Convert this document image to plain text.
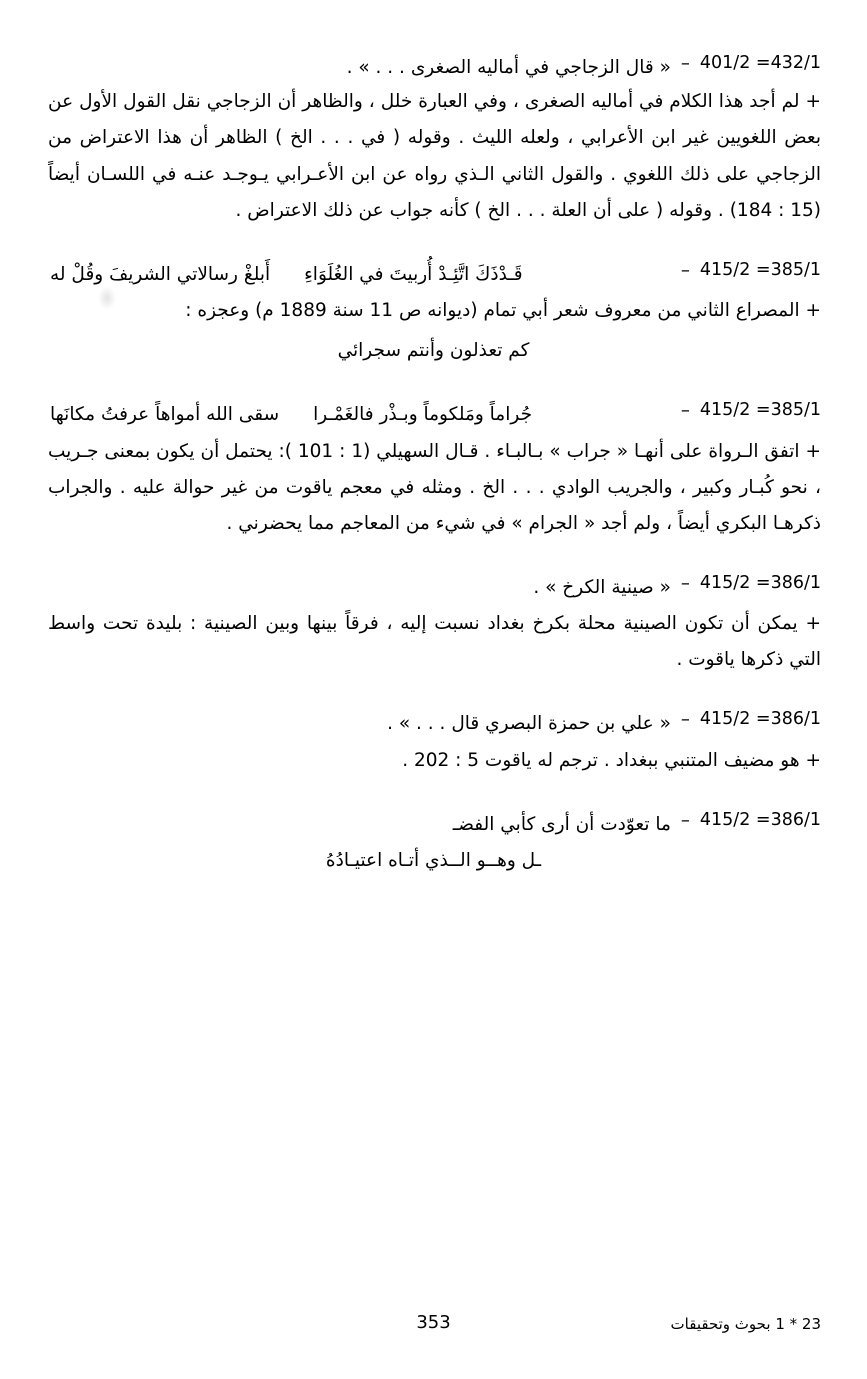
401/2 =432/1
–
« قال الزجاجي في أماليه الصغرى . . . » .
+ لم أجد هذا الكلام في أماليه الصغرى ، وفي العبارة خلل ، والظاهر أن الزجاجي نقل القول الأول عن بعض اللغويين غير ابن الأعرابي ، ولعله الليث . وقوله ( في . . . الخ ) الظاهر أن هذا الاعتراض من الزجاجي على ذلك اللغوي . والقول الثاني الـذي رواه عن ابن الأعـرابي يـوجـد عنـه في اللسـان أيضاً (15 : 184) . وقوله ( على أن العلة . . . الخ ) كأنه جواب عن ذلك الاعتراض .
415/2 =385/1
–
قَـدْذَكَ اتَّئِـدْ أُربيتَ في الغُلَوَاءِ
أَبلغْ رسالاتي الشريفَ وقُلْ له
+ المصراع الثاني من معروف شعر أبي تمام (ديوانه ص 11 سنة 1889 م) وعجزه :
كم تعذلون وأنتم سجرائي
415/2 =385/1
–
جُراماً ومَلكوماً وبـذْر فالغَمْـرا
سقى الله أمواهاً عرفتُ مكانَها
+ اتفق الـرواة على أنهـا « جراب » بـالبـاء . قـال السهيلي (1 : 101 ): يحتمل أن يكون بمعنى جـريب ، نحو كُبـار وكبير ، والجريب الوادي . . . الخ . ومثله في معجم ياقوت من غير حوالة عليه . والجراب ذكرهـا البكري أيضاً ، ولم أجد « الجرام » في شيء من المعاجم مما يحضرني .
415/2 =386/1
–
« صينية الكرخ » .
+ يمكن أن تكون الصينية محلة بكرخ بغداد نسبت إليه ، فرقاً بينها وبين الصينية : بليدة تحت واسط التي ذكرها ياقوت .
415/2 =386/1
–
« علي بن حمزة البصري قال . . . » .
+ هو مضيف المتنبي ببغداد . ترجم له ياقوت 5 : 202 .
415/2 =386/1
–
ما تعوّدت أن أرى كأبي الفضـ
ـل وهــو الــذي أتـاه اعتيـادُهُ
23 * 1 بحوث وتحقيقات
353
